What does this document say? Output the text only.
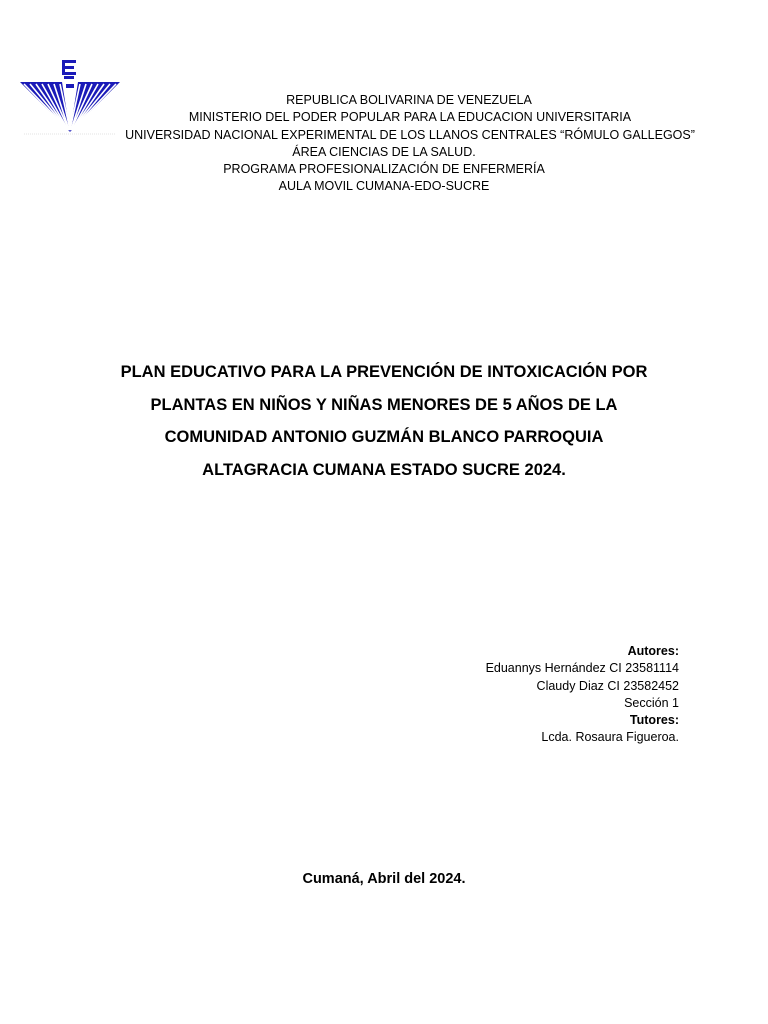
REPUBLICA BOLIVARINA DE VENEZUELA
MINISTERIO DEL PODER POPULAR PARA LA EDUCACION UNIVERSITARIA
UNIVERSIDAD NACIONAL EXPERIMENTAL DE LOS LLANOS CENTRALES “RÓMULO GALLEGOS”
ÁREA CIENCIAS DE LA SALUD.
PROGRAMA PROFESIONALIZACIÓN DE ENFERMERÍA
AULA MOVIL CUMANA-EDO-SUCRE
PLAN EDUCATIVO PARA LA PREVENCIÓN DE INTOXICACIÓN POR
PLANTAS EN NIÑOS Y NIÑAS MENORES DE 5 AÑOS DE LA
COMUNIDAD ANTONIO GUZMÁN BLANCO PARROQUIA
ALTAGRACIA CUMANA ESTADO SUCRE 2024.
Autores:
Eduannys Hernández CI 23581114
Claudy Diaz CI 23582452
Sección 1
Tutores:
Lcda. Rosaura Figueroa.
Cumaná, Abril del 2024.
